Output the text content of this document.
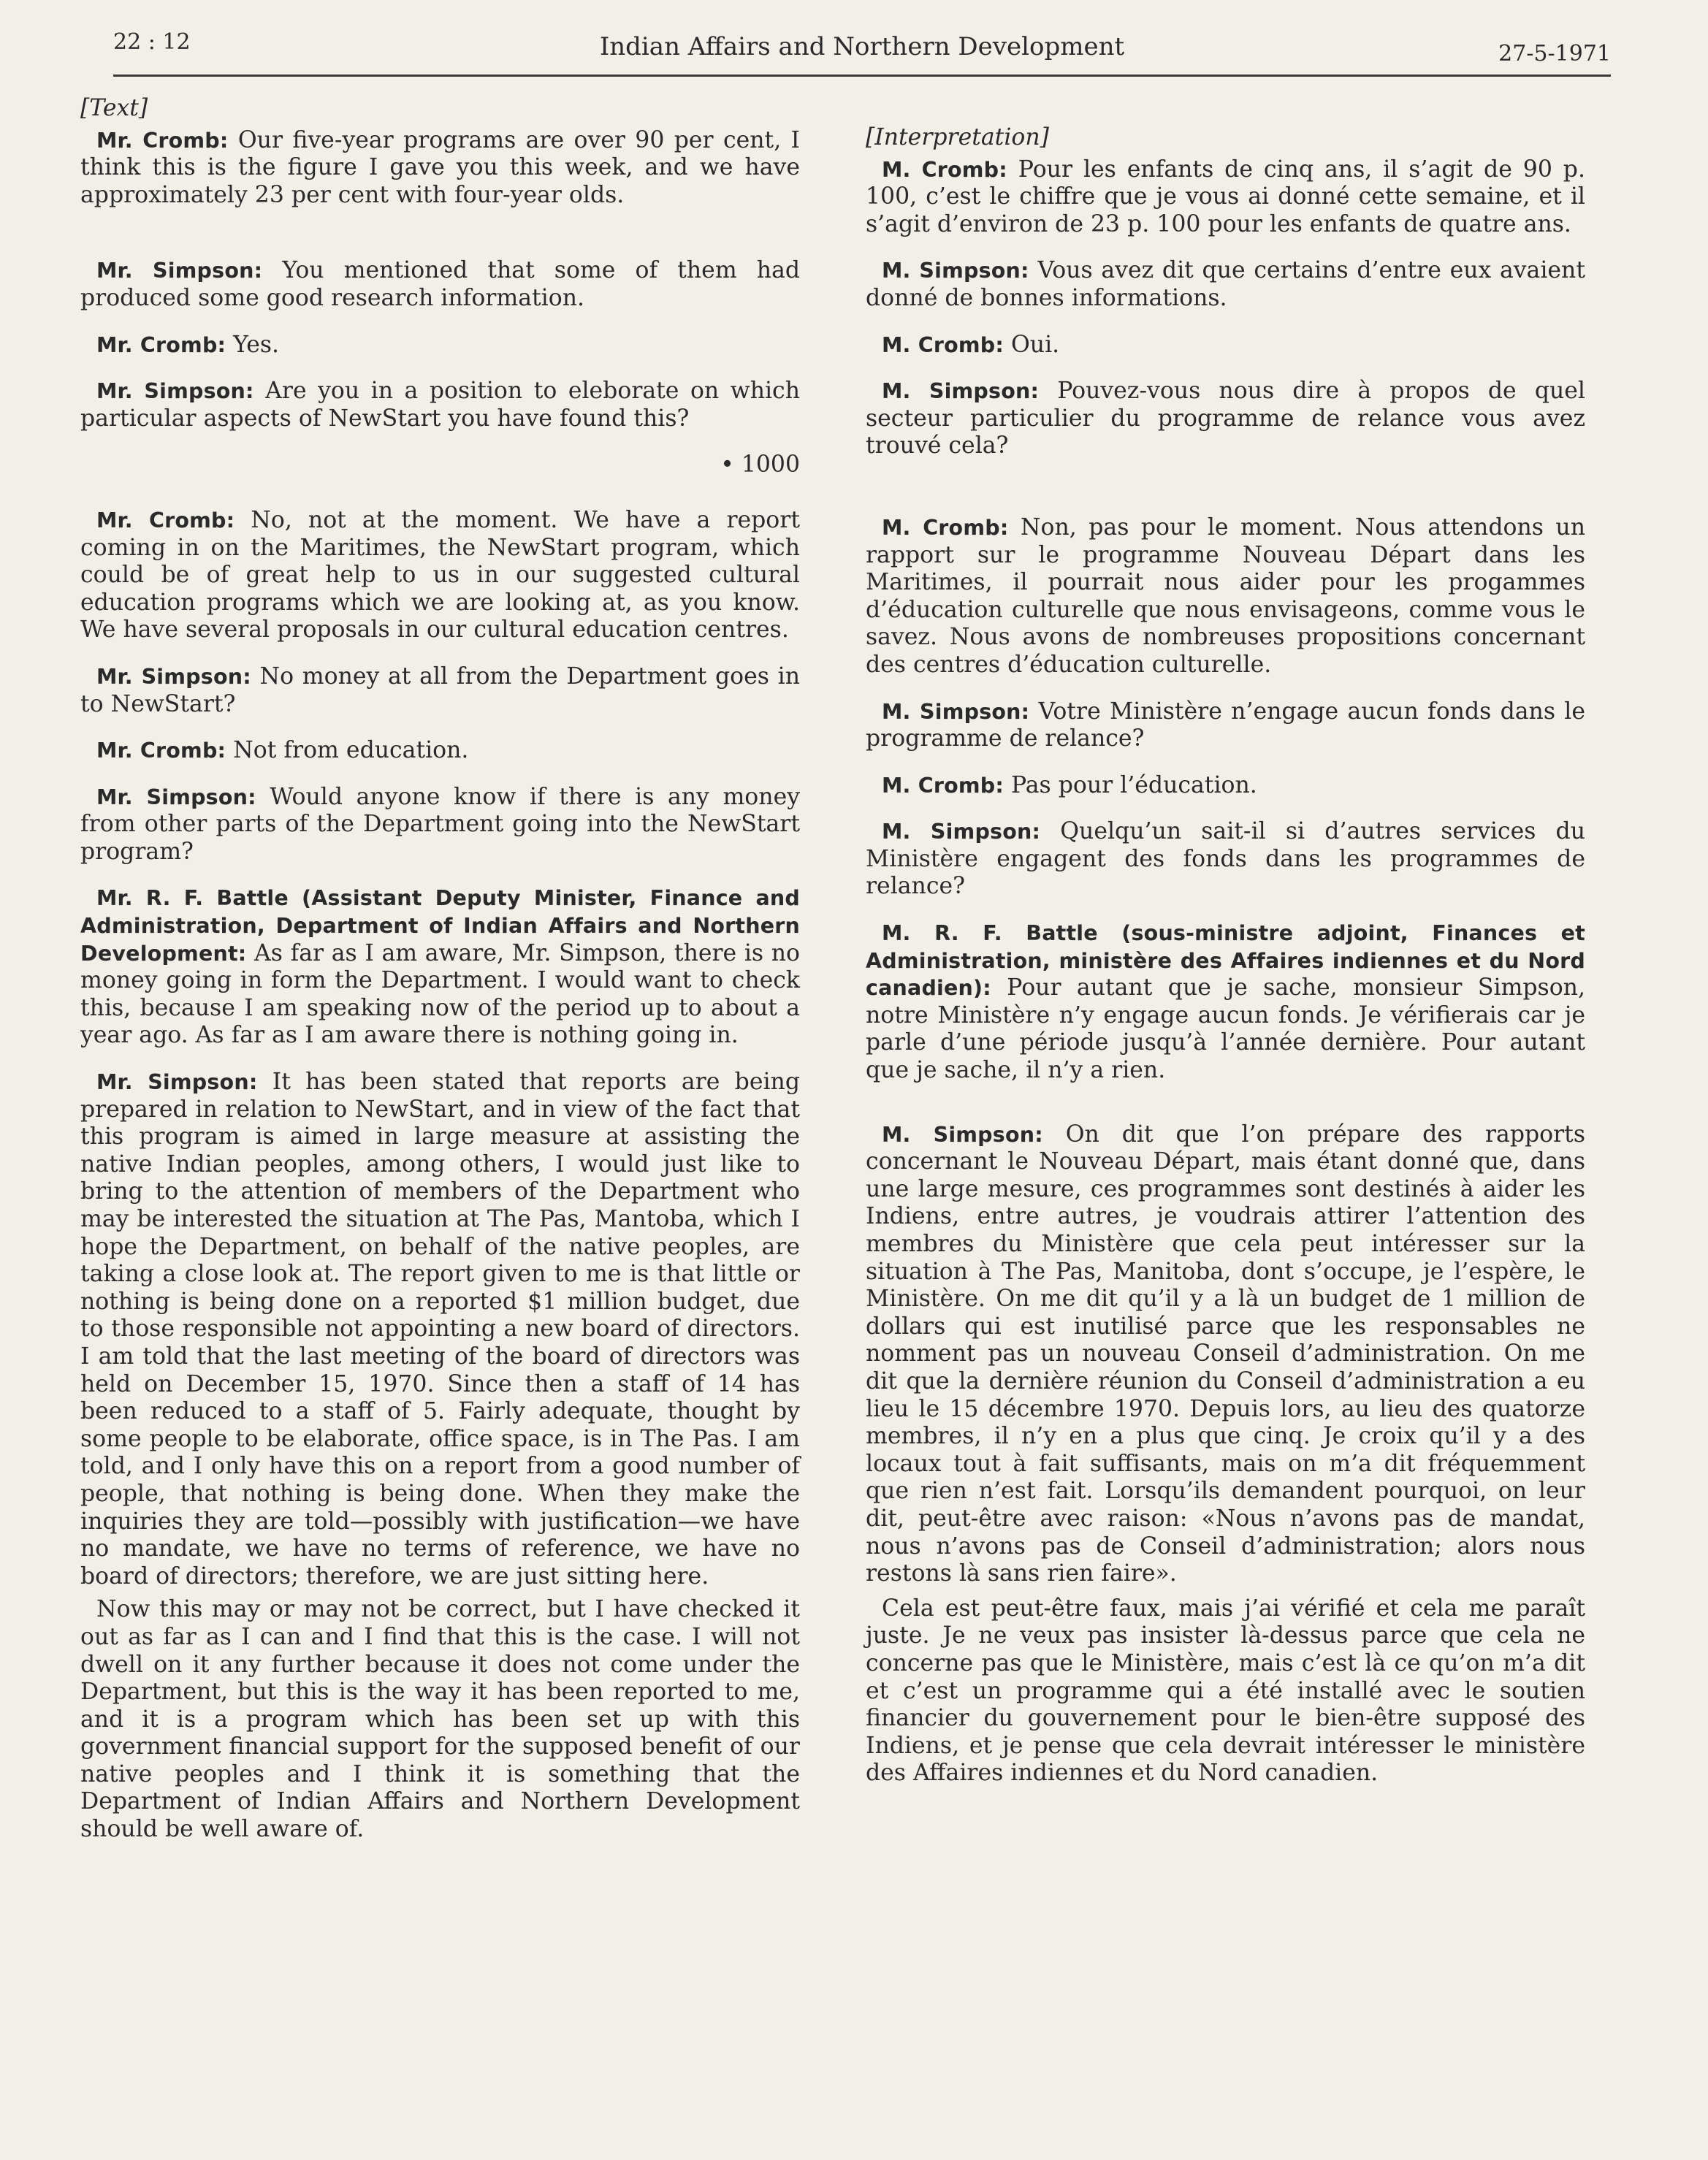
22 : 12	Indian Affairs and Northern Development	27-5-1971

[Text]

Mr. Cromb: Our five-year programs are over 90 per cent, I think this is the figure I gave you this week, and we have approximately 23 per cent with four-year olds.

Mr. Simpson: You mentioned that some of them had produced some good research information.

Mr. Cromb: Yes.

Mr. Simpson: Are you in a position to eleborate on which particular aspects of NewStart you have found this?

• 1000

Mr. Cromb: No, not at the moment. We have a report coming in on the Maritimes, the NewStart program, which could be of great help to us in our suggested cultural education programs which we are looking at, as you know. We have several proposals in our cultural education centres.

Mr. Simpson: No money at all from the Department goes in to NewStart?

Mr. Cromb: Not from education.

Mr. Simpson: Would anyone know if there is any money from other parts of the Department going into the NewStart program?

Mr. R. F. Battle (Assistant Deputy Minister, Finance and Administration, Department of Indian Affairs and Northern Development: As far as I am aware, Mr. Simpson, there is no money going in form the Department. I would want to check this, because I am speaking now of the period up to about a year ago. As far as I am aware there is nothing going in.

Mr. Simpson: It has been stated that reports are being prepared in relation to NewStart, and in view of the fact that this program is aimed in large measure at assisting the native Indian peoples, among others, I would just like to bring to the attention of members of the Department who may be interested the situation at The Pas, Mantoba, which I hope the Department, on behalf of the native peoples, are taking a close look at. The report given to me is that little or nothing is being done on a reported $1 million budget, due to those responsible not appointing a new board of directors. I am told that the last meeting of the board of directors was held on December 15, 1970. Since then a staff of 14 has been reduced to a staff of 5. Fairly adequate, thought by some people to be elaborate, office space, is in The Pas. I am told, and I only have this on a report from a good number of people, that nothing is being done. When they make the inquiries they are told—possibly with justification—we have no mandate, we have no terms of reference, we have no board of directors; therefore, we are just sitting here.

Now this may or may not be correct, but I have checked it out as far as I can and I find that this is the case. I will not dwell on it any further because it does not come under the Department, but this is the way it has been reported to me, and it is a program which has been set up with this government financial support for the supposed benefit of our native peoples and I think it is something that the Department of Indian Affairs and Northern Development should be well aware of.

[Interpretation]

M. Cromb: Pour les enfants de cinq ans, il s’agit de 90 p. 100, c’est le chiffre que je vous ai donné cette semaine, et il s’agit d’environ de 23 p. 100 pour les enfants de quatre ans.

M. Simpson: Vous avez dit que certains d’entre eux avaient donné de bonnes informations.

M. Cromb: Oui.

M. Simpson: Pouvez-vous nous dire à propos de quel secteur particulier du programme de relance vous avez trouvé cela?

M. Cromb: Non, pas pour le moment. Nous attendons un rapport sur le programme Nouveau Départ dans les Maritimes, il pourrait nous aider pour les progammes d’éducation culturelle que nous envisageons, comme vous le savez. Nous avons de nombreuses propositions concernant des centres d’éducation culturelle.

M. Simpson: Votre Ministère n’engage aucun fonds dans le programme de relance?

M. Cromb: Pas pour l’éducation.

M. Simpson: Quelqu’un sait-il si d’autres services du Ministère engagent des fonds dans les programmes de relance?

M. R. F. Battle (sous-ministre adjoint, Finances et Administration, ministère des Affaires indiennes et du Nord canadien): Pour autant que je sache, monsieur Simpson, notre Ministère n’y engage aucun fonds. Je vérifierais car je parle d’une période jusqu’à l’année dernière. Pour autant que je sache, il n’y a rien.

M. Simpson: On dit que l’on prépare des rapports concernant le Nouveau Départ, mais étant donné que, dans une large mesure, ces programmes sont destinés à aider les Indiens, entre autres, je voudrais attirer l’attention des membres du Ministère que cela peut intéresser sur la situation à The Pas, Manitoba, dont s’occupe, je l’espère, le Ministère. On me dit qu’il y a là un budget de 1 million de dollars qui est inutilisé parce que les responsables ne nomment pas un nouveau Conseil d’administration. On me dit que la dernière réunion du Conseil d’administration a eu lieu le 15 décembre 1970. Depuis lors, au lieu des quatorze membres, il n’y en a plus que cinq. Je croix qu’il y a des locaux tout à fait suffisants, mais on m’a dit fréquemment que rien n’est fait. Lorsqu’ils demandent pourquoi, on leur dit, peut-être avec raison: «Nous n’avons pas de mandat, nous n’avons pas de Conseil d’administration; alors nous restons là sans rien faire».

Cela est peut-être faux, mais j’ai vérifié et cela me paraît juste. Je ne veux pas insister là-dessus parce que cela ne concerne pas que le Ministère, mais c’est là ce qu’on m’a dit et c’est un programme qui a été installé avec le soutien financier du gouvernement pour le bien-être supposé des Indiens, et je pense que cela devrait intéresser le ministère des Affaires indiennes et du Nord canadien.
